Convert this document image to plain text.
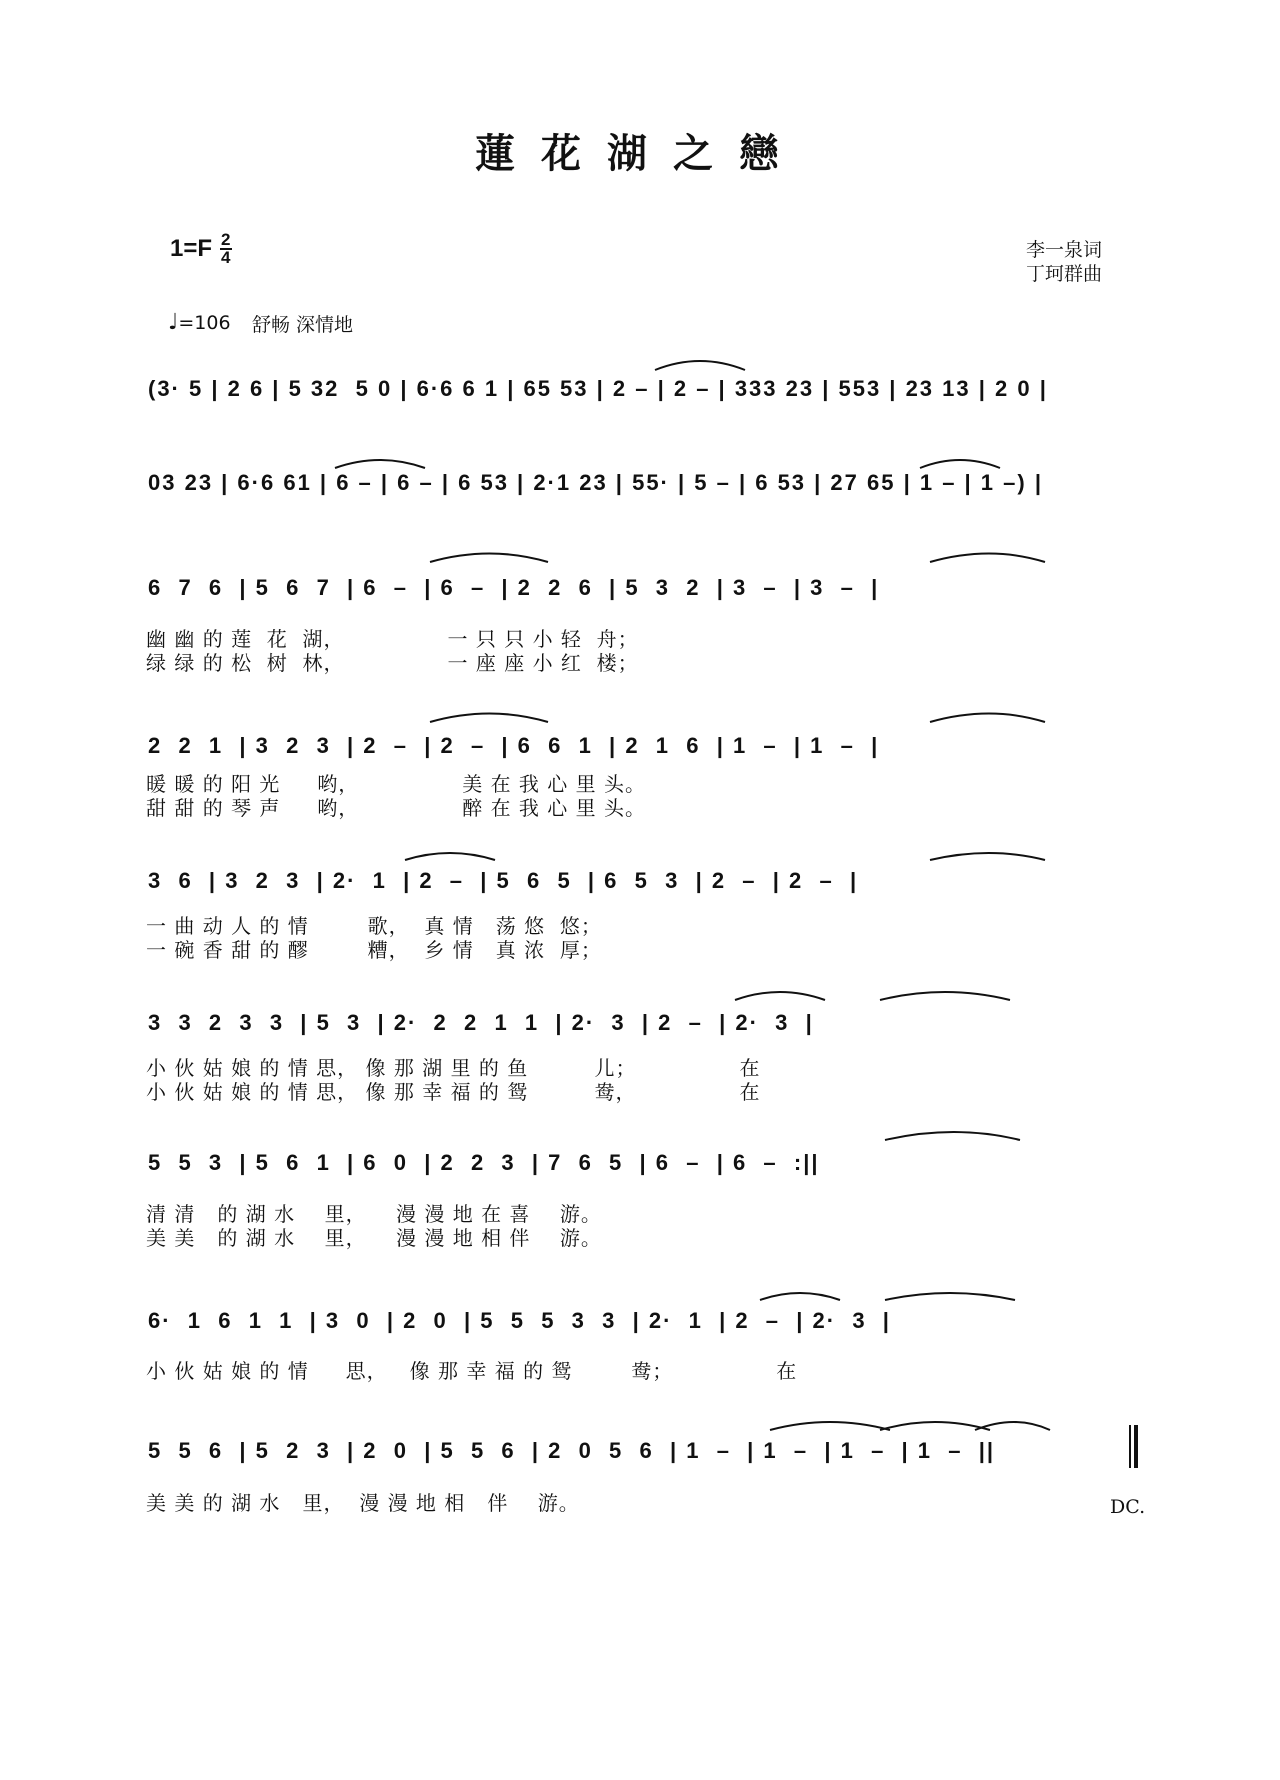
蓮花湖之戀
$1=F \frac{2}{4}$	李一泉词
丁珂群曲
♩=106 舒畅 深情地
(3· 5 | 2 6 | 5 32  5 0 | 6·6 6 1 | 65 53 | 2 – | 2 – | 333 23 | 553 | 23 13 | 2 0 |
03 23 | 6·6 61 | 6 – | 6 – | 6 53 | 2·1 23 | 55· | 5 – | 6 53 | 27 65 | 1 – | 1 –) |
6  7  6  | 5  6  7  | 6  –  | 6  –  | 2  2  6  | 5  3  2  | 3  –  | 3  –  |
幽 幽 的 莲  花  湖，              一 只 只 小 轻  舟；
绿 绿 的 松  树  林，              一 座 座 小 红  楼；
2  2  1  | 3  2  3  | 2  –  | 2  –  | 6  6  1  | 2  1  6  | 1  –  | 1  –  |
暖 暖 的 阳 光     哟，              美 在 我 心 里 头。
甜 甜 的 琴 声     哟，              醉 在 我 心 里 头。
3  6  | 3  2  3  | 2·  1  | 2  –  | 5  6  5  | 6  5  3  | 2  –  | 2  –  |
一 曲 动 人 的 情        歌，  真 情   荡 悠  悠；
一 碗 香 甜 的 醪        糟，  乡 情   真 浓  厚；
3  3  2  3  3  | 5  3  | 2·  2  2  1  1  | 2·  3  | 2  –  | 2·  3  |
小 伙 姑 娘 的 情 思， 像 那 湖 里 的 鱼         儿；              在
小 伙 姑 娘 的 情 思， 像 那 幸 福 的 鸳         鸯，              在
5  5  3  | 5  6  1  | 6  0  | 2  2  3  | 7  6  5  | 6  –  | 6  –  :||
清 清   的 湖 水    里，    漫 漫 地 在 喜    游。
美 美   的 湖 水    里，    漫 漫 地 相 伴    游。
6·  1  6  1  1  | 3  0  | 2  0  | 5  5  5  3  3  | 2·  1  | 2  –  | 2·  3  |
小 伙 姑 娘 的 情     思，   像 那 幸 福 的 鸳        鸯；              在
5  5  6  | 5  2  3  | 2  0  | 5  5  6  | 2  0  5  6  | 1  –  | 1  –  | 1  –  | 1  –  ||
美 美 的 湖 水   里，  漫 漫 地 相   伴    游。	DC.
